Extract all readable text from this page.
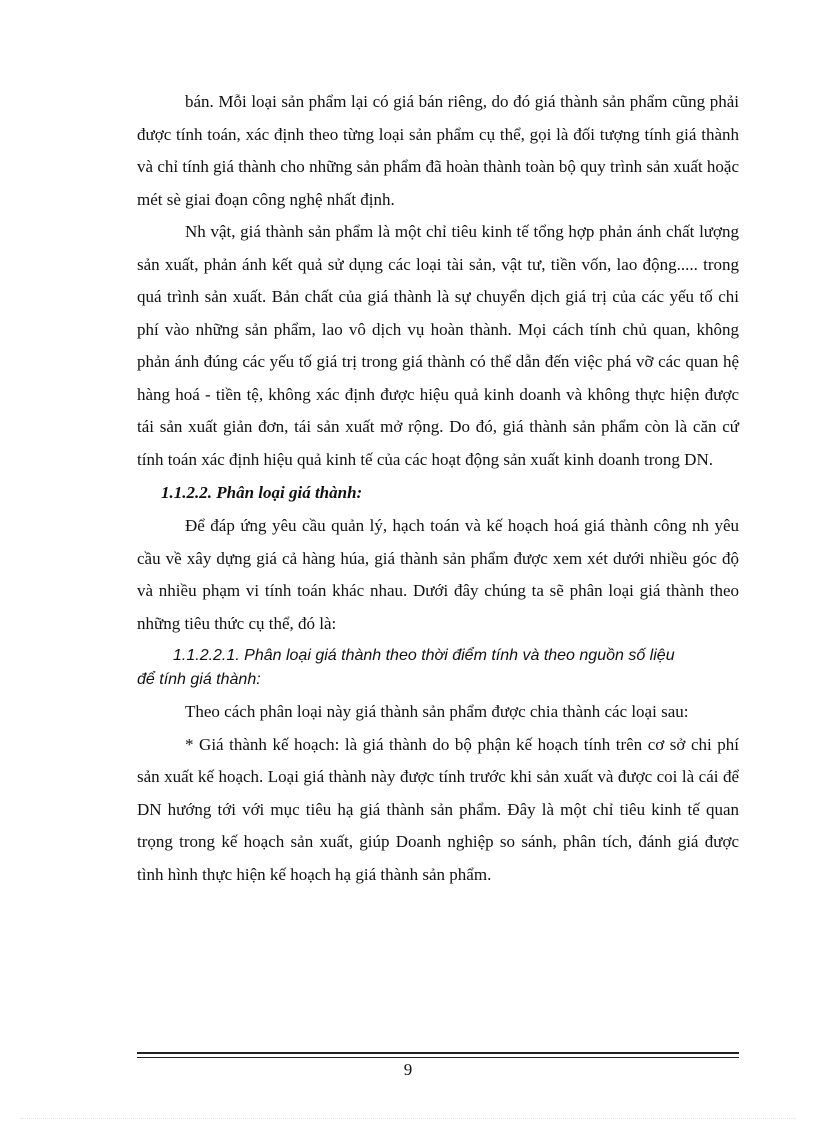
bán. Mỗi loại sản phẩm lại có giá bán riêng, do đó giá thành sản phẩm cũng phải được tính toán, xác định theo từng loại sản phẩm cụ thể, gọi là đối tượng tính giá thành và chỉ tính giá thành cho những sản phẩm đã hoàn thành toàn bộ quy trình sản xuất hoặc mét sè giai đoạn công nghệ nhất định.

Nh vật, giá thành sản phẩm là một chỉ tiêu kinh tế tổng hợp phản ánh chất lượng sản xuất, phản ánh kết quả sử dụng các loại tài sản, vật tư, tiền vốn, lao động..... trong quá trình sản xuất. Bản chất của giá thành là sự chuyển dịch giá trị của các yếu tố chi phí vào những sản phẩm, lao vô dịch vụ hoàn thành. Mọi cách tính chủ quan, không phản ánh đúng các yếu tố giá trị trong giá thành có thể dẫn đến việc phá vỡ các quan hệ hàng hoá - tiền tệ, không xác định được hiệu quả kinh doanh và không thực hiện được tái sản xuất giản đơn, tái sản xuất mở rộng. Do đó, giá thành sản phẩm còn là căn cứ tính toán xác định hiệu quả kinh tế của các hoạt động sản xuất kinh doanh trong DN.

1.1.2.2. Phân loại giá thành:

Để đáp ứng yêu cầu quản lý, hạch toán và kế hoạch hoá giá thành công nh yêu cầu về xây dựng giá cả hàng húa, giá thành sản phẩm được xem xét dưới nhiều góc độ và nhiều phạm vi tính toán khác nhau. Dưới đây chúng ta sẽ phân loại giá thành theo những tiêu thức cụ thể, đó là:

1.1.2.2.1. Phân loại giá thành theo thời điểm tính và theo nguồn số liệu
để tính giá thành:

Theo cách phân loại này giá thành sản phẩm được chia thành các loại sau:

* Giá thành kế hoạch: là giá thành do bộ phận kế hoạch tính trên cơ sở chi phí sản xuất kế hoạch. Loại giá thành này được tính trước khi sản xuất và được coi là cái để DN hướng tới với mục tiêu hạ giá thành sản phẩm. Đây là một chỉ tiêu kinh tế quan trọng trong kế hoạch sản xuất, giúp Doanh nghiệp so sánh, phân tích, đánh giá được tình hình thực hiện kế hoạch hạ giá thành sản phẩm.

9
